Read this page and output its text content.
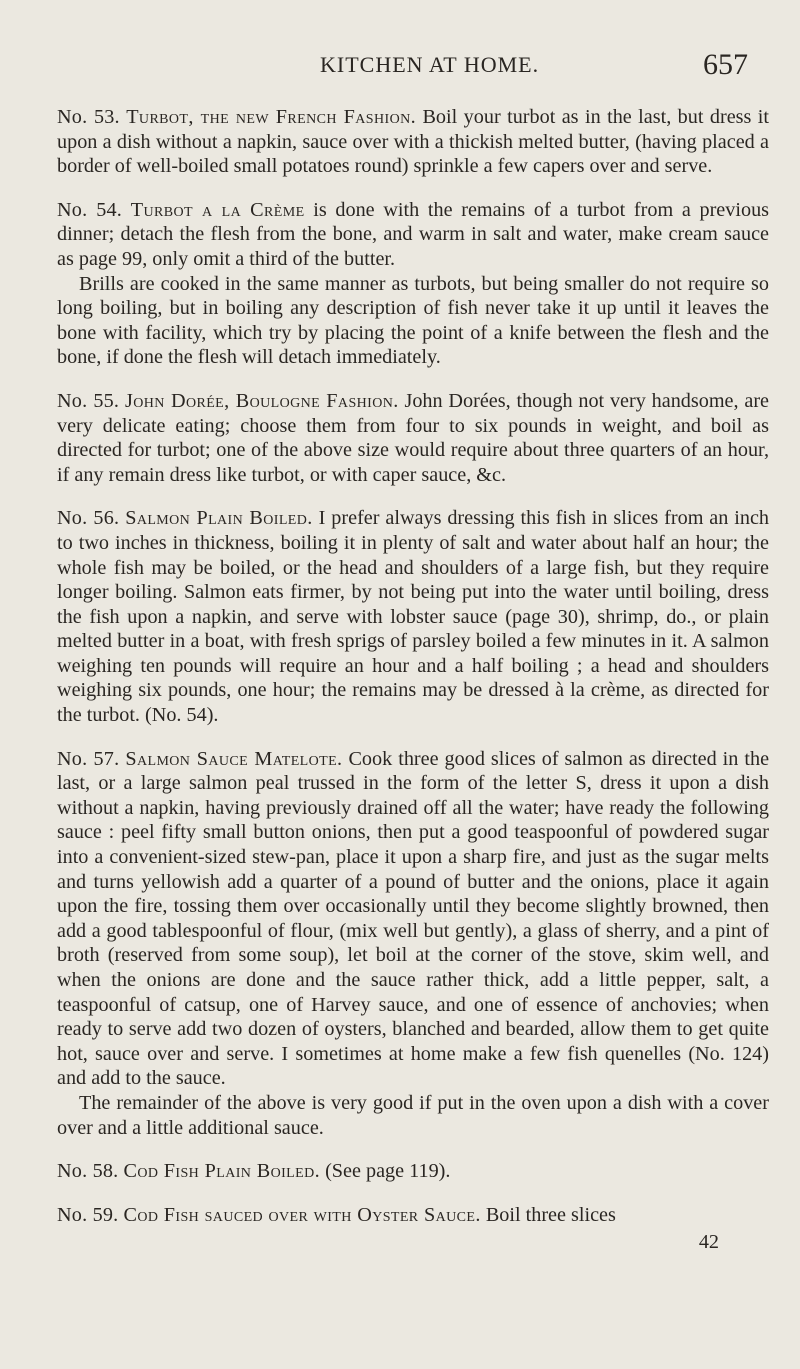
KITCHEN AT HOME.	657

No. 53. Turbot, the new French Fashion. Boil your turbot as in the last, but dress it upon a dish without a napkin, sauce over with a thickish melted butter, (having placed a border of well-boiled small potatoes round) sprinkle a few capers over and serve.

No. 54. Turbot a la Crème is done with the remains of a turbot from a previous dinner; detach the flesh from the bone, and warm in salt and water, make cream sauce as page 99, only omit a third of the butter.

Brills are cooked in the same manner as turbots, but being smaller do not require so long boiling, but in boiling any description of fish never take it up until it leaves the bone with facility, which try by placing the point of a knife between the flesh and the bone, if done the flesh will detach immediately.

No. 55. John Dorée, Boulogne Fashion. John Dorées, though not very handsome, are very delicate eating; choose them from four to six pounds in weight, and boil as directed for turbot; one of the above size would require about three quarters of an hour, if any remain dress like turbot, or with caper sauce, &c.

No. 56. Salmon Plain Boiled. I prefer always dressing this fish in slices from an inch to two inches in thickness, boiling it in plenty of salt and water about half an hour; the whole fish may be boiled, or the head and shoulders of a large fish, but they require longer boiling. Salmon eats firmer, by not being put into the water until boiling, dress the fish upon a napkin, and serve with lobster sauce (page 30), shrimp, do., or plain melted butter in a boat, with fresh sprigs of parsley boiled a few minutes in it. A salmon weighing ten pounds will require an hour and a half boiling ; a head and shoulders weighing six pounds, one hour; the remains may be dressed à la crème, as directed for the turbot. (No. 54).

No. 57. Salmon Sauce Matelote. Cook three good slices of salmon as directed in the last, or a large salmon peal trussed in the form of the letter S, dress it upon a dish without a napkin, having previously drained off all the water; have ready the following sauce : peel fifty small button onions, then put a good teaspoonful of powdered sugar into a convenient-sized stew-pan, place it upon a sharp fire, and just as the sugar melts and turns yellowish add a quarter of a pound of butter and the onions, place it again upon the fire, tossing them over occasionally until they become slightly browned, then add a good tablespoonful of flour, (mix well but gently), a glass of sherry, and a pint of broth (reserved from some soup), let boil at the corner of the stove, skim well, and when the onions are done and the sauce rather thick, add a little pepper, salt, a teaspoonful of catsup, one of Harvey sauce, and one of essence of anchovies; when ready to serve add two dozen of oysters, blanched and bearded, allow them to get quite hot, sauce over and serve. I sometimes at home make a few fish quenelles (No. 124) and add to the sauce.

The remainder of the above is very good if put in the oven upon a dish with a cover over and a little additional sauce.

No. 58. Cod Fish Plain Boiled. (See page 119).

No. 59. Cod Fish sauced over with Oyster Sauce. Boil three slices

42
